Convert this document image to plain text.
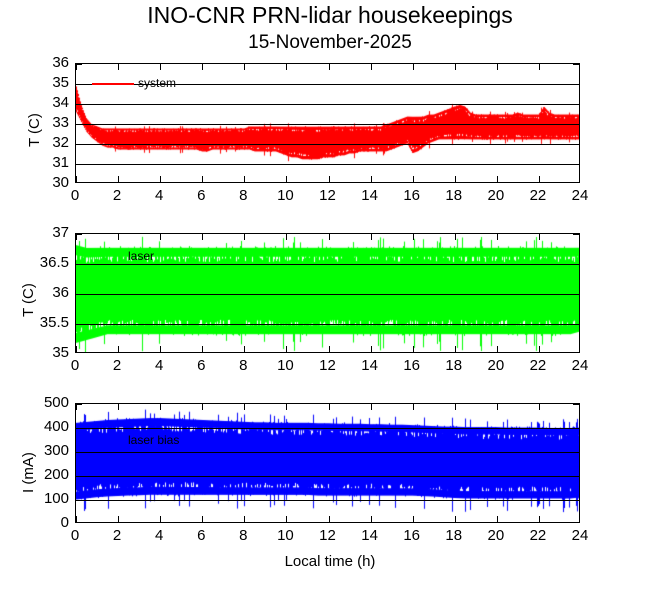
INO-CNR PRN-lidar housekeepings
15-November-2025
30
31
32
33
34
35
36
0	2	4	6	8	10	12	14	16	18	20	22	24
T (C)
system
35
35.5
36
36.5
37
0	2	4	6	8	10	12	14	16	18	20	22	24
T (C)
laser
0
100
200
300
400
500
0	2	4	6	8	10	12	14	16	18	20	22	24
I (mA)
laser bias
Local time (h)
